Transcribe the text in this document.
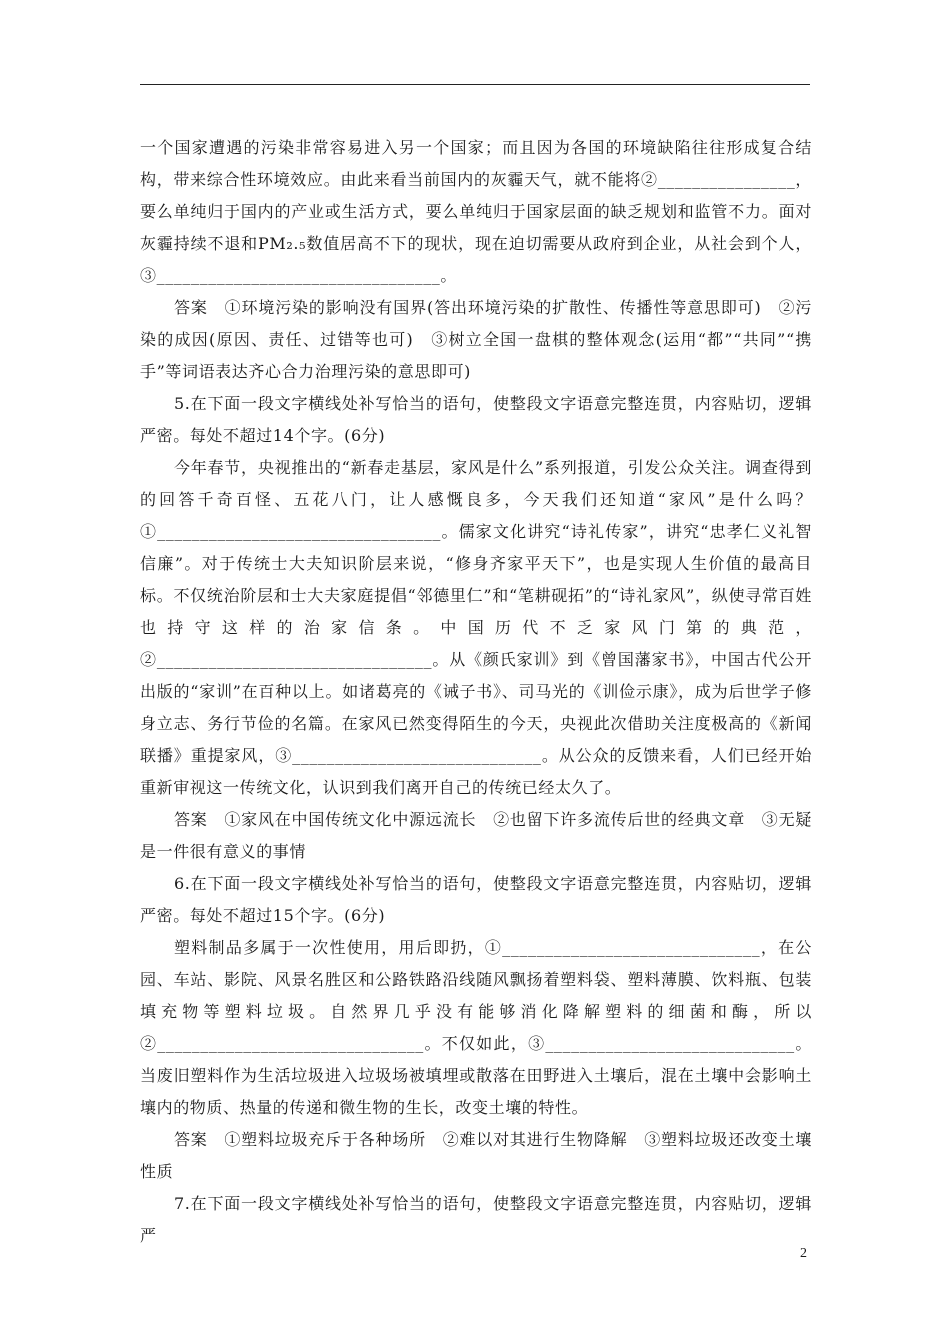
一个国家遭遇的污染非常容易进入另一个国家；而且因为各国的环境缺陷往往形成复合结构，带来综合性环境效应。由此来看当前国内的灰霾天气，就不能将②________________，要么单纯归于国内的产业或生活方式，要么单纯归于国家层面的缺乏规划和监管不力。面对灰霾持续不退和PM₂.₅数值居高不下的现状，现在迫切需要从政府到企业，从社会到个人，③_________________________________。

答案　①环境污染的影响没有国界(答出环境污染的扩散性、传播性等意思即可)　②污染的成因(原因、责任、过错等也可)　③树立全国一盘棋的整体观念(运用“都”“共同”“携手”等词语表达齐心合力治理污染的意思即可)

5.在下面一段文字横线处补写恰当的语句，使整段文字语意完整连贯，内容贴切，逻辑严密。每处不超过14个字。(6分)

今年春节，央视推出的“新春走基层，家风是什么”系列报道，引发公众关注。调查得到的回答千奇百怪、五花八门，让人感慨良多，今天我们还知道“家风”是什么吗？①_________________________________。儒家文化讲究“诗礼传家”，讲究“忠孝仁义礼智信廉”。对于传统士大夫知识阶层来说，“修身齐家平天下”，也是实现人生价值的最高目标。不仅统治阶层和士大夫家庭提倡“邻德里仁”和“笔耕砚拓”的“诗礼家风”，纵使寻常百姓也持守这样的治家信条。中国历代不乏家风门第的典范，②________________________________。从《颜氏家训》到《曾国藩家书》，中国古代公开出版的“家训”在百种以上。如诸葛亮的《诫子书》、司马光的《训俭示康》，成为后世学子修身立志、务行节俭的名篇。在家风已然变得陌生的今天，央视此次借助关注度极高的《新闻联播》重提家风，③_____________________________。从公众的反馈来看，人们已经开始重新审视这一传统文化，认识到我们离开自己的传统已经太久了。

答案　①家风在中国传统文化中源远流长　②也留下许多流传后世的经典文章　③无疑是一件很有意义的事情

6.在下面一段文字横线处补写恰当的语句，使整段文字语意完整连贯，内容贴切，逻辑严密。每处不超过15个字。(6分)

塑料制品多属于一次性使用，用后即扔，①______________________________，在公园、车站、影院、风景名胜区和公路铁路沿线随风飘扬着塑料袋、塑料薄膜、饮料瓶、包装填充物等塑料垃圾。自然界几乎没有能够消化降解塑料的细菌和酶，所以②_______________________________。不仅如此，③_____________________________。当废旧塑料作为生活垃圾进入垃圾场被填埋或散落在田野进入土壤后，混在土壤中会影响土壤内的物质、热量的传递和微生物的生长，改变土壤的特性。

答案　①塑料垃圾充斥于各种场所　②难以对其进行生物降解　③塑料垃圾还改变土壤性质

7.在下面一段文字横线处补写恰当的语句，使整段文字语意完整连贯，内容贴切，逻辑严

2
